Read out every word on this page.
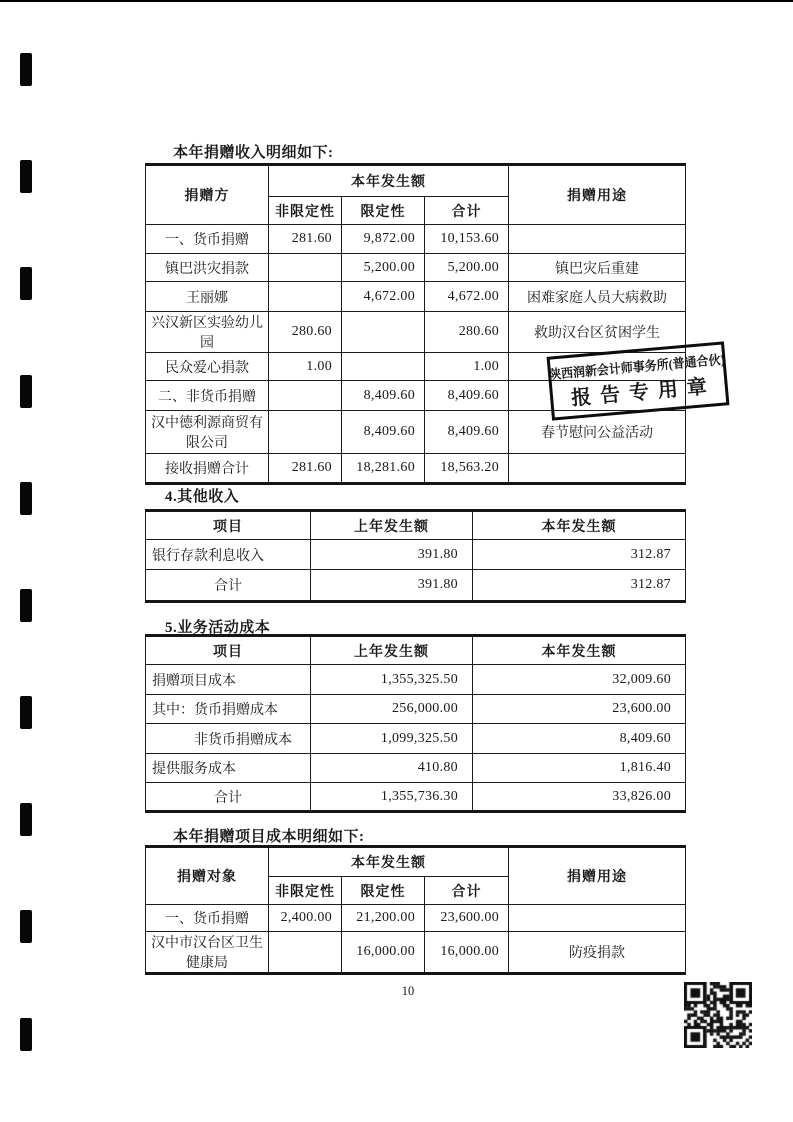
本年捐赠收入明细如下:
捐赠方	本年发生额			捐赠用途
	非限定性	限定性	合计	
一、货币捐赠	281.60	9,872.00	10,153.60	
镇巴洪灾捐款		5,200.00	5,200.00	镇巴灾后重建
王丽娜		4,672.00	4,672.00	困难家庭人员大病救助
兴汉新区实验幼儿园	280.60		280.60	救助汉台区贫困学生
民众爱心捐款	1.00		1.00	
二、非货币捐赠		8,409.60	8,409.60	
汉中德利源商贸有限公司		8,409.60	8,409.60	春节慰问公益活动
接收捐赠合计	281.60	18,281.60	18,563.20	
陕西润新会计师事务所(普通合伙)
报告专用章
4.其他收入
项目	上年发生额	本年发生额
银行存款利息收入	391.80	312.87
合计	391.80	312.87
5.业务活动成本
项目	上年发生额	本年发生额
捐赠项目成本	1,355,325.50	32,009.60
其中：货币捐赠成本	256,000.00	23,600.00
非货币捐赠成本	1,099,325.50	8,409.60
提供服务成本	410.80	1,816.40
合计	1,355,736.30	33,826.00
本年捐赠项目成本明细如下:
捐赠对象	本年发生额			捐赠用途
	非限定性	限定性	合计	
一、货币捐赠	2,400.00	21,200.00	23,600.00	
汉中市汉台区卫生健康局		16,000.00	16,000.00	防疫捐款
10
